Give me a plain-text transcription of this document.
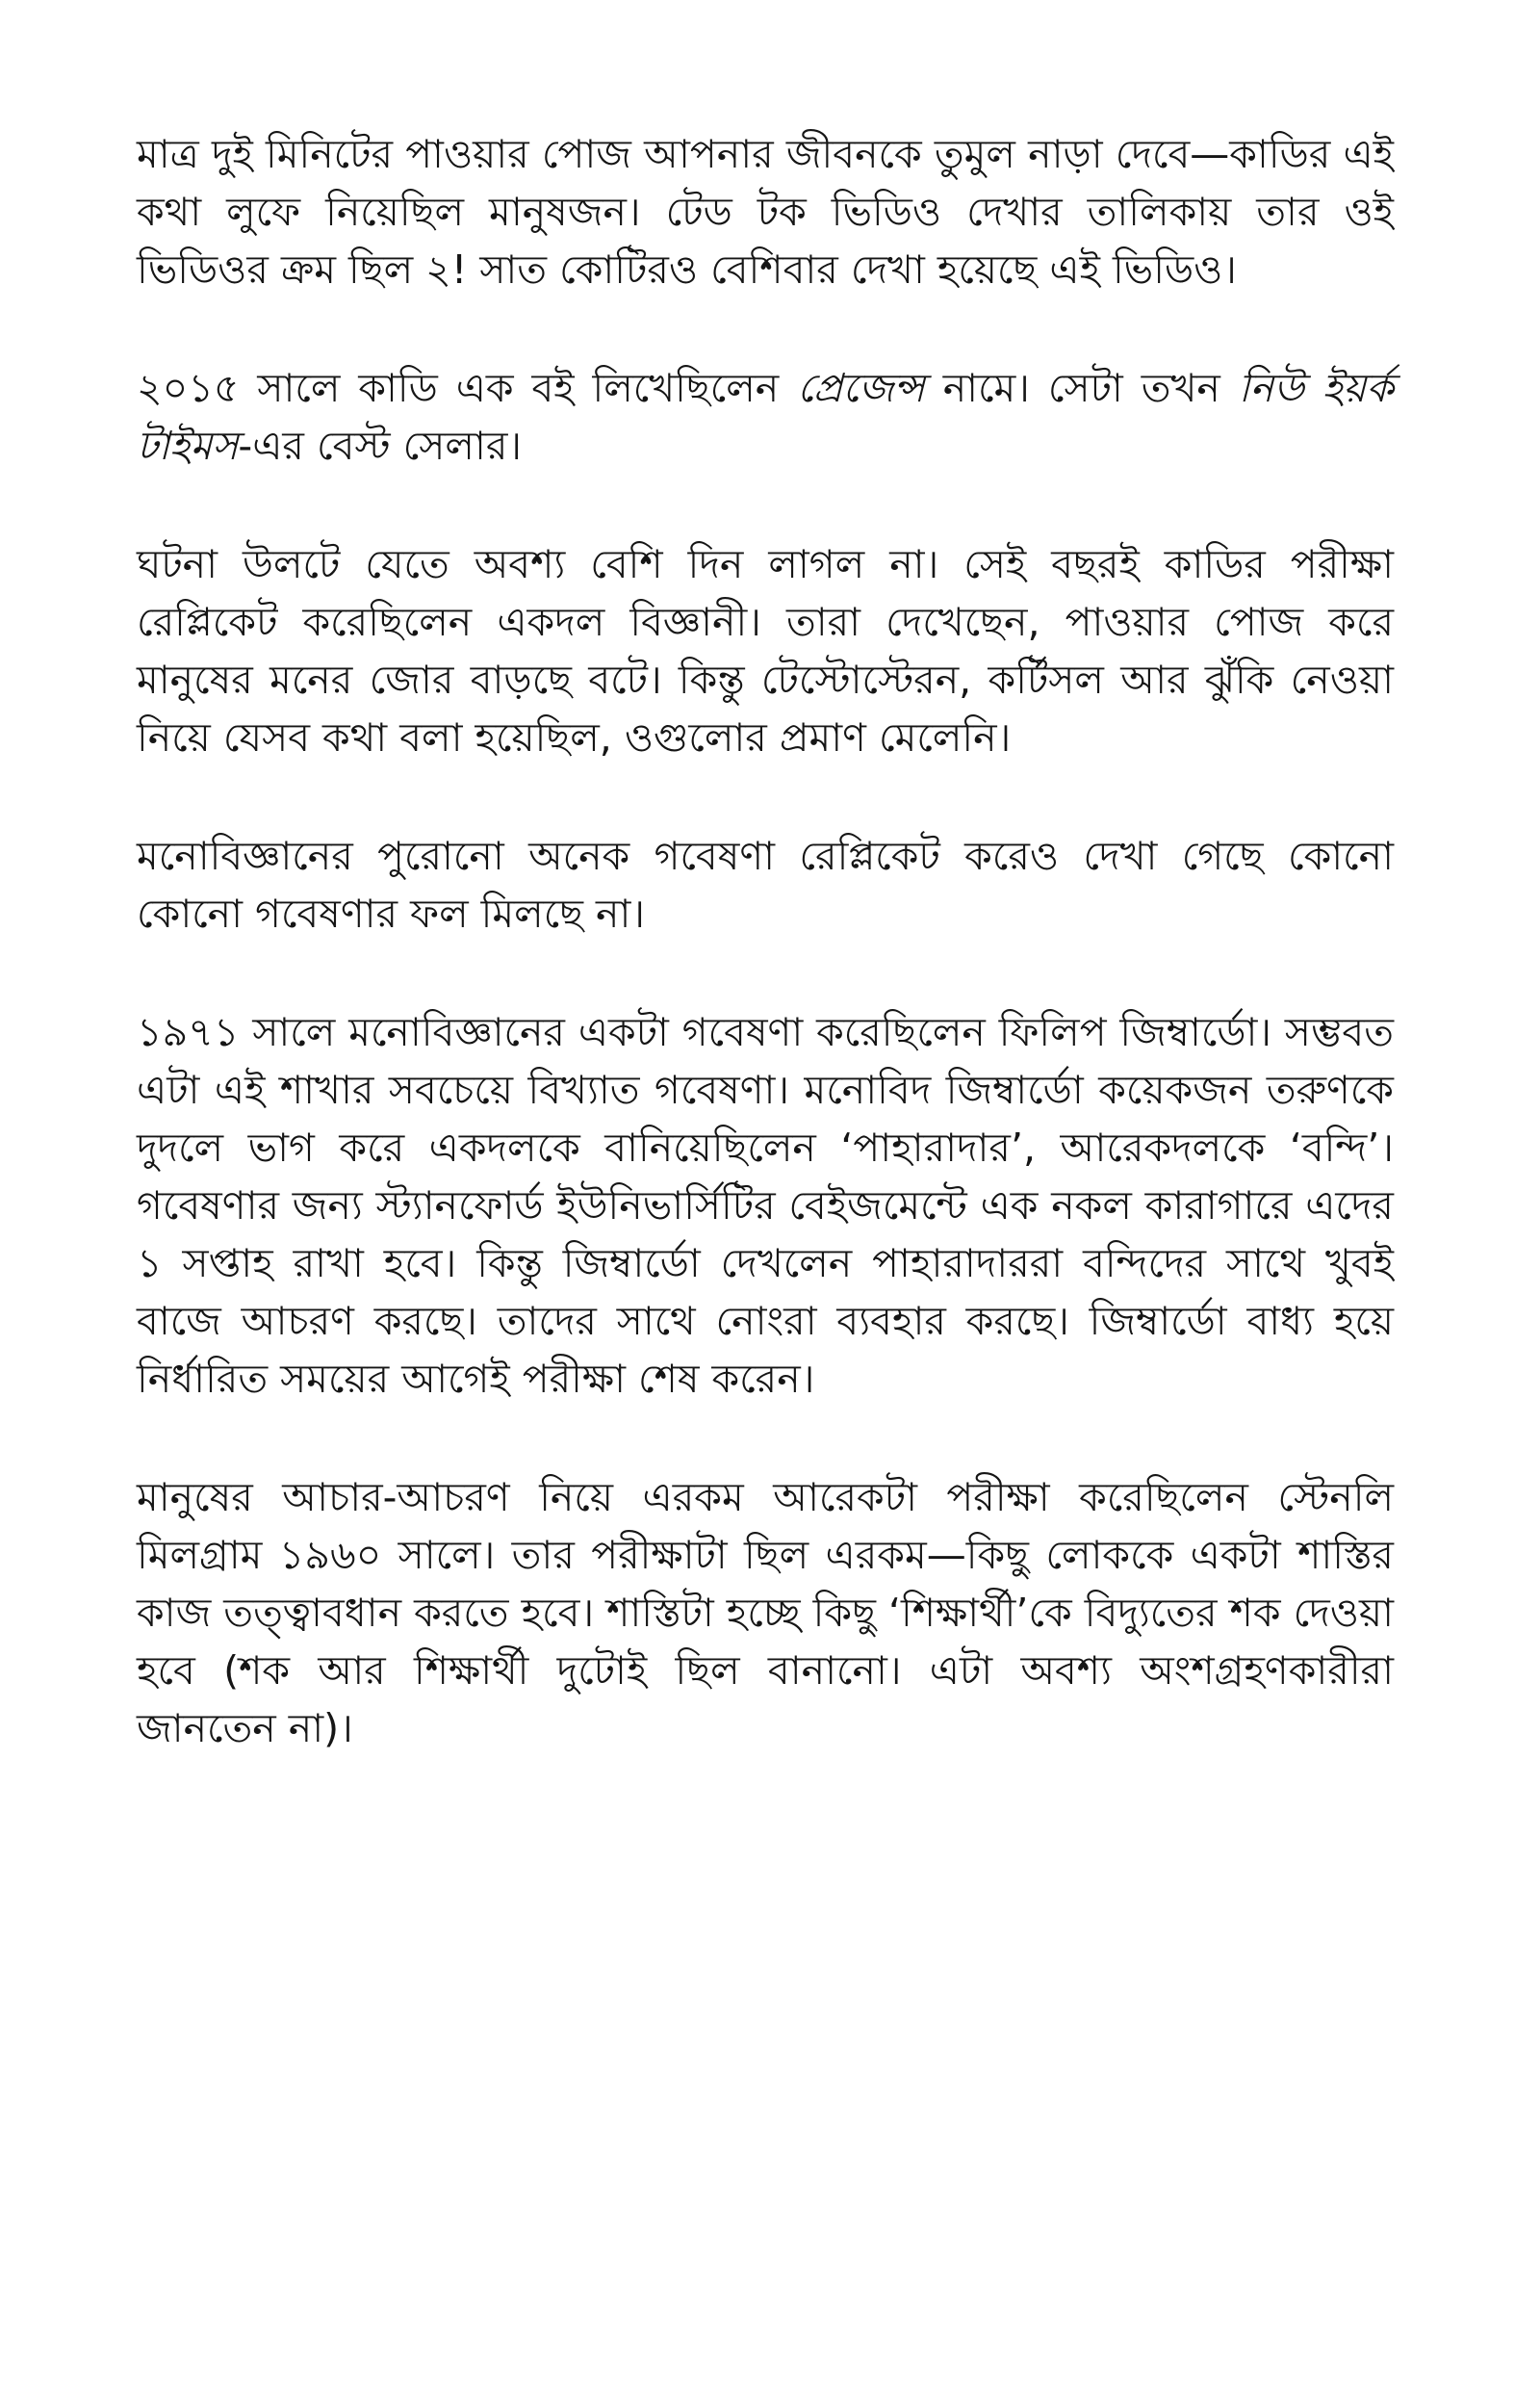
মাত্র দুই মিনিটের পাওয়ার পোজ আপনার জীবনকে তুমুল নাড়া দেবে—কাডির এই কথা লুফে নিয়েছিল মানুষজন। টেড টক ভিডিও দেখার তালিকায় তার ওই ভিডিওর ক্রম ছিল ২! সাত কোটিরও বেশিবার দেখা হয়েছে এই ভিডিও।

২০১৫ সালে কাডি এক বই লিখেছিলেন প্রেজেন্স নামে। সেটা তখন নিউ ইয়র্ক টাইমস-এর বেস্ট সেলার।

ঘটনা উলটে যেতে অবশ্য বেশি দিন লাগল না। সেই বছরই কাডির পরীক্ষা রেপ্লিকেট করেছিলেন একদল বিজ্ঞানী। তারা দেখেছেন, পাওয়ার পোজ করে মানুষের মনের জোর বাড়ছে বটে। কিন্তু টেস্টোস্টেরন, কর্টিসল আর ঝুঁকি নেওয়া নিয়ে যেসব কথা বলা হয়েছিল, ওগুলোর প্রমাণ মেলেনি।

মনোবিজ্ঞানের পুরোনো অনেক গবেষণা রেপ্লিকেট করেও দেখা গেছে কোনো কোনো গবেষণার ফল মিলছে না।

১৯৭১ সালে মনোবিজ্ঞানের একটা গবেষণা করেছিলেন ফিলিপ জিম্বার্ডো। সম্ভবত এটা এই শাখার সবচেয়ে বিখ্যাত গবেষণা। মনোবিদ জিম্বার্ডো কয়েকজন তরুণকে দুদলে ভাগ করে একদলকে বানিয়েছিলেন ‘পাহারাদার’, আরেকদলকে ‘বন্দি’। গবেষণার জন্য স্ট্যানফোর্ড ইউনিভার্সিটির বেইজমেন্টে এক নকল কারাগারে এদের ১ সপ্তাহ রাখা হবে। কিন্তু জিম্বার্ডো দেখলেন পাহারাদাররা বন্দিদের সাথে খুবই বাজে আচরণ করছে। তাদের সাথে নোংরা ব্যবহার করছে। জিম্বার্ডো বাধ্য হয়ে নির্ধারিত সময়ের আগেই পরীক্ষা শেষ করেন।

মানুষের আচার-আচরণ নিয়ে এরকম আরেকটা পরীক্ষা করেছিলেন স্টেনলি মিলগ্রাম ১৯৬০ সালে। তার পরীক্ষাটা ছিল এরকম—কিছু লোককে একটা শাস্তির কাজ তত্ত্বাবধান করতে হবে। শাস্তিটা হচ্ছে কিছু ‘শিক্ষার্থী’কে বিদ্যুতের শক দেওয়া হবে (শক আর শিক্ষার্থী দুটোই ছিল বানানো। এটা অবশ্য অংশগ্রহণকারীরা জানতেন না)।
